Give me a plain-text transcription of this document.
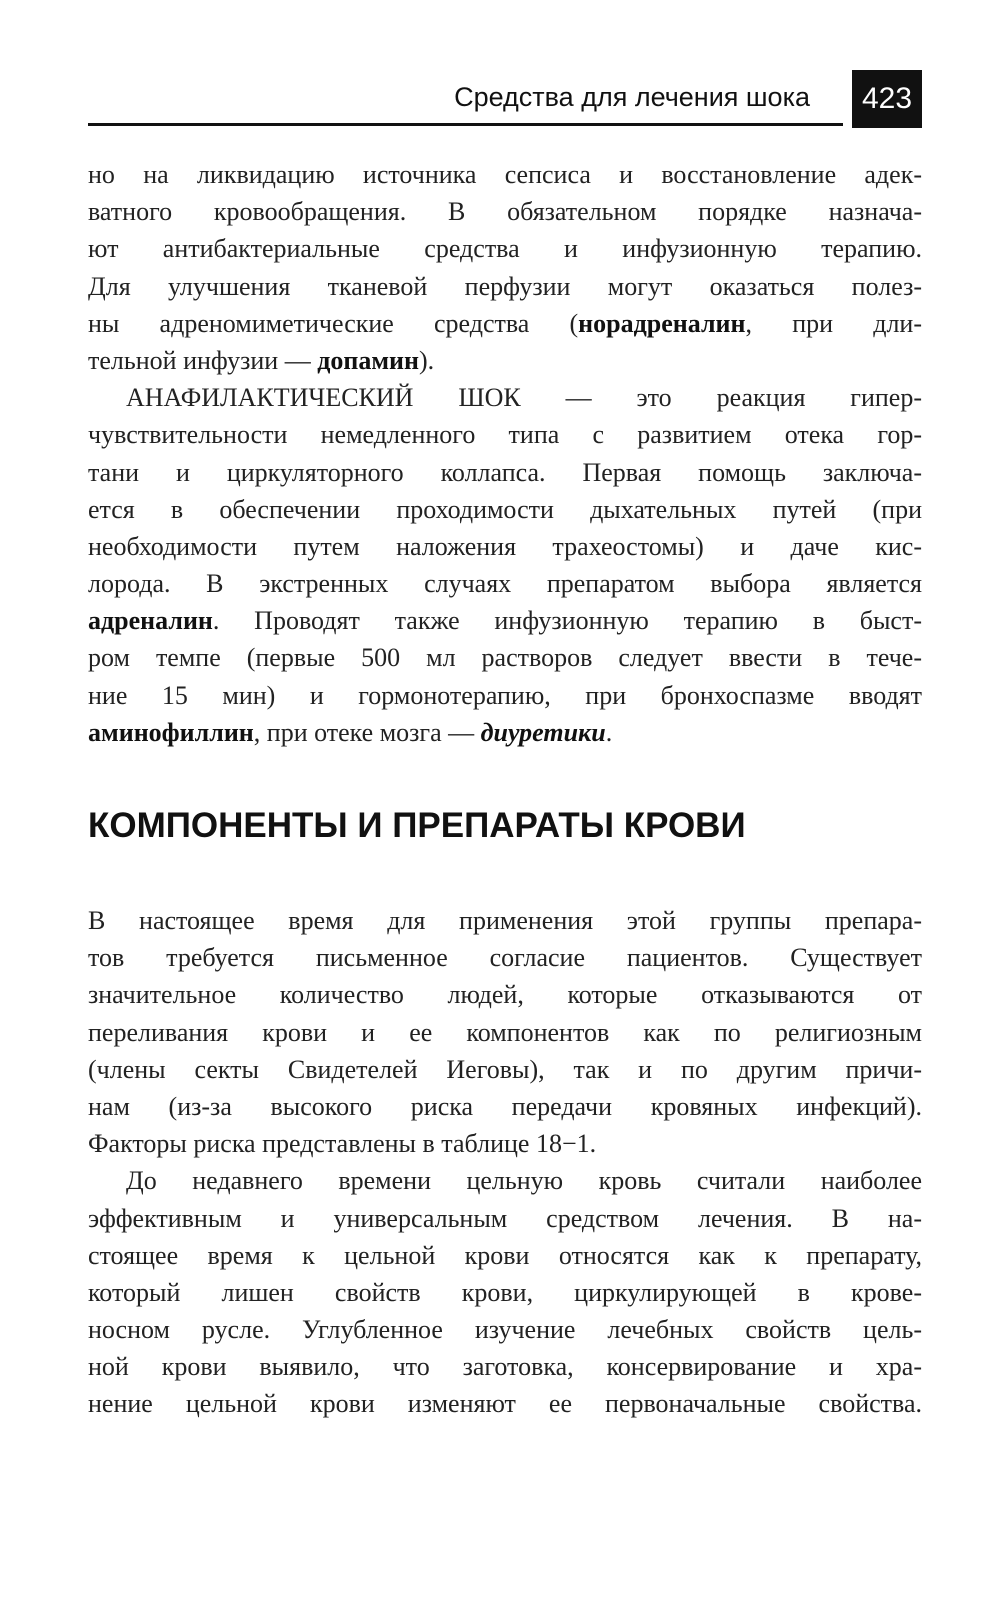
Средства для лечения шока	423
но на ликвидацию источника сепсиса и восстановление адек-
ватного кровообращения. В обязательном порядке назнача-
ют антибактериальные средства и инфузионную терапию.
Для улучшения тканевой перфузии могут оказаться полез-
ны адреномиметические средства (норадреналин, при дли-
тельной инфузии — допамин).
АНАФИЛАКТИЧЕСКИЙ ШОК — это реакция гипер-
чувствительности немедленного типа с развитием отека гор-
тани и циркуляторного коллапса. Первая помощь заключа-
ется в обеспечении проходимости дыхательных путей (при
необходимости путем наложения трахеостомы) и даче кис-
лорода. В экстренных случаях препаратом выбора является
адреналин. Проводят также инфузионную терапию в быст-
ром темпе (первые 500 мл растворов следует ввести в тече-
ние 15 мин) и гормонотерапию, при бронхоспазме вводят
аминофиллин, при отеке мозга — диуретики.
КОМПОНЕНТЫ И ПРЕПАРАТЫ КРОВИ
В настоящее время для применения этой группы препара-
тов требуется письменное согласие пациентов. Существует
значительное количество людей, которые отказываются от
переливания крови и ее компонентов как по религиозным
(члены секты Свидетелей Иеговы), так и по другим причи-
нам (из-за высокого риска передачи кровяных инфекций).
Факторы риска представлены в таблице 18−1.
До недавнего времени цельную кровь считали наиболее
эффективным и универсальным средством лечения. В на-
стоящее время к цельной крови относятся как к препарату,
который лишен свойств крови, циркулирующей в крове-
носном русле. Углубленное изучение лечебных свойств цель-
ной крови выявило, что заготовка, консервирование и хра-
нение цельной крови изменяют ее первоначальные свойства.
